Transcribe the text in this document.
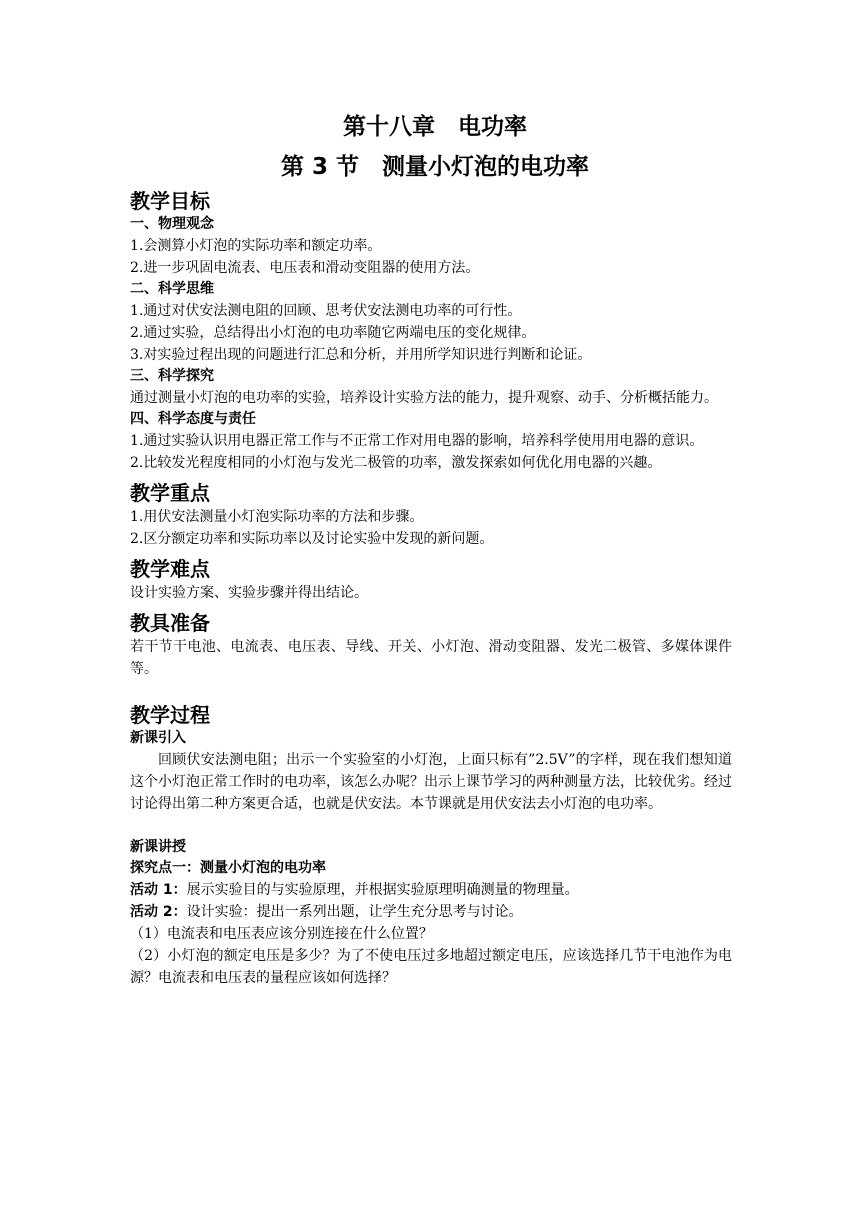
第十八章　电功率
第 3 节　测量小灯泡的电功率
教学目标
一、物理观念

1.会测算小灯泡的实际功率和额定功率。

2.进一步巩固电流表、电压表和滑动变阻器的使用方法。

二、科学思维

1.通过对伏安法测电阻的回顾、思考伏安法测电功率的可行性。

2.通过实验，总结得出小灯泡的电功率随它两端电压的变化规律。

3.对实验过程出现的问题进行汇总和分析，并用所学知识进行判断和论证。

三、科学探究

通过测量小灯泡的电功率的实验，培养设计实验方法的能力，提升观察、动手、分析概括能力。

四、科学态度与责任

1.通过实验认识用电器正常工作与不正常工作对用电器的影响，培养科学使用用电器的意识。

2.比较发光程度相同的小灯泡与发光二极管的功率，激发探索如何优化用电器的兴趣。

教学重点

1.用伏安法测量小灯泡实际功率的方法和步骤。

2.区分额定功率和实际功率以及讨论实验中发现的新问题。

教学难点

设计实验方案、实验步骤并得出结论。

教具准备

若干节干电池、电流表、电压表、导线、开关、小灯泡、滑动变阻器、发光二极管、多媒体课件等。

教学过程
新课引入

回顾伏安法测电阻；出示一个实验室的小灯泡，上面只标有”2.5V”的字样，现在我们想知道这个小灯泡正常工作时的电功率，该怎么办呢？出示上课节学习的两种测量方法，比较优劣。经过讨论得出第二种方案更合适，也就是伏安法。本节课就是用伏安法去小灯泡的电功率。

新课讲授
探究点一：测量小灯泡的电功率

活动 1：展示实验目的与实验原理，并根据实验原理明确测量的物理量。

活动 2：设计实验：提出一系列出题，让学生充分思考与讨论。

（1）电流表和电压表应该分别连接在什么位置？

（2）小灯泡的额定电压是多少？为了不使电压过多地超过额定电压，应该选择几节干电池作为电源？电流表和电压表的量程应该如何选择？
